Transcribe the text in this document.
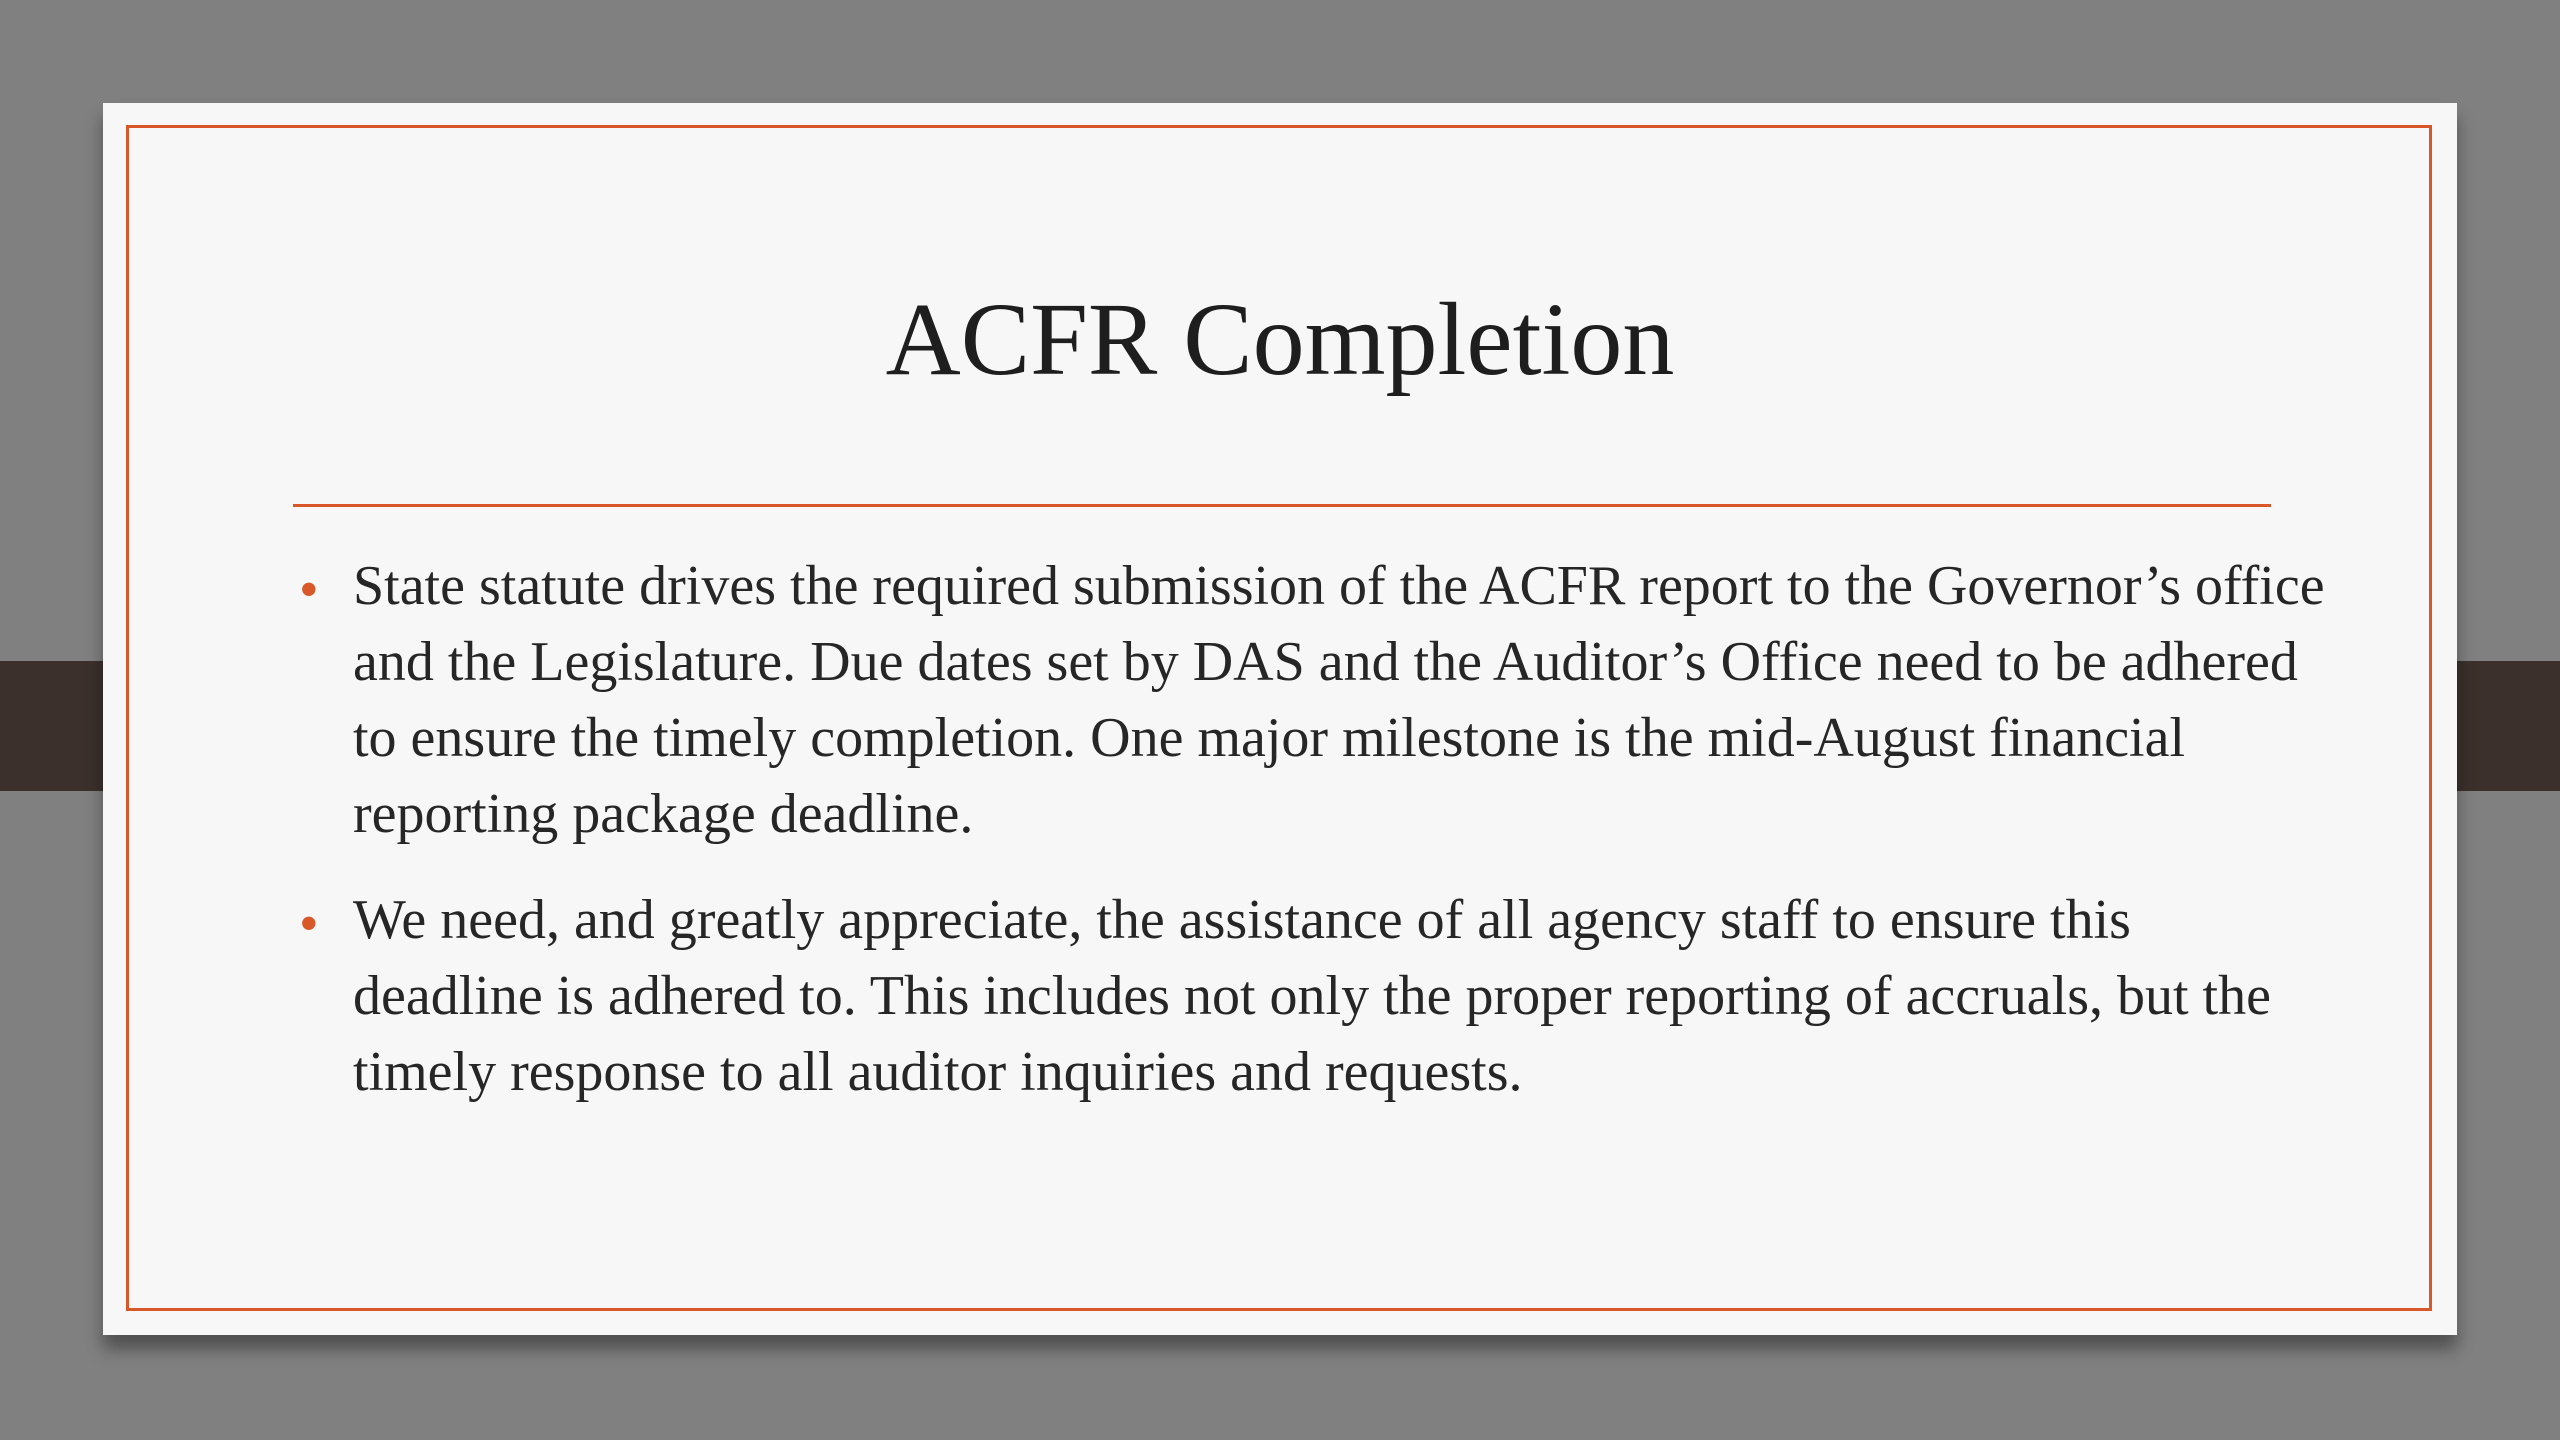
ACFR Completion
• State statute drives the required submission of the ACFR report to the Governor’s office and the Legislature. Due dates set by DAS and the Auditor’s Office need to be adhered to ensure the timely completion. One major milestone is the mid-August financial reporting package deadline.
• We need, and greatly appreciate, the assistance of all agency staff to ensure this deadline is adhered to. This includes not only the proper reporting of accruals, but the timely response to all auditor inquiries and requests.
